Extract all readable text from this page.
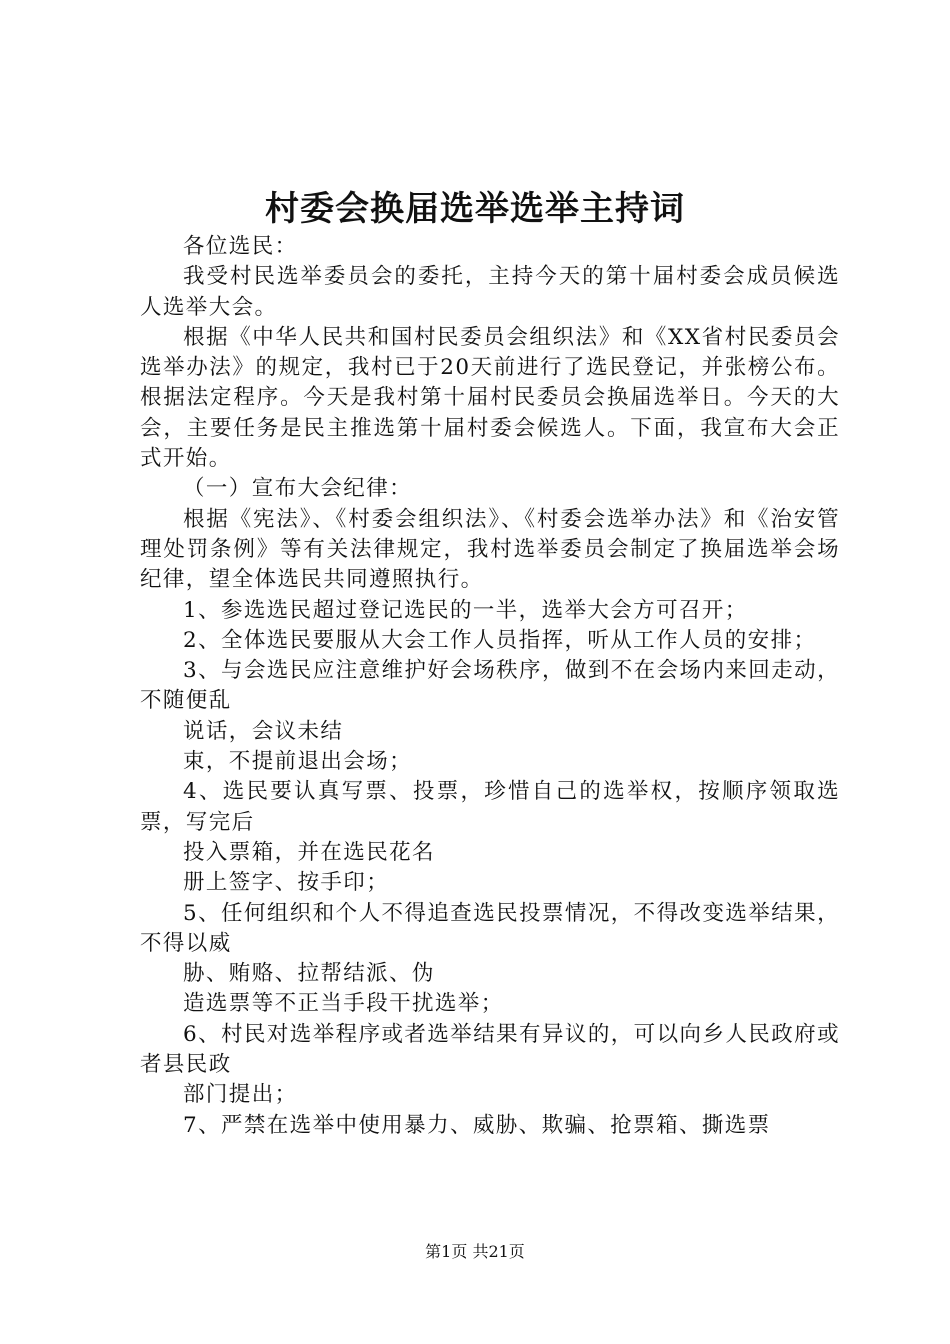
村委会换届选举选举主持词

各位选民：

我受村民选举委员会的委托，主持今天的第十届村委会成员候选人选举大会。

根据《中华人民共和国村民委员会组织法》和《XX省村民委员会选举办法》的规定，我村已于20天前进行了选民登记，并张榜公布。根据法定程序。今天是我村第十届村民委员会换届选举日。今天的大会，主要任务是民主推选第十届村委会候选人。下面，我宣布大会正式开始。

（一）宣布大会纪律：

根据《宪法》、《村委会组织法》、《村委会选举办法》和《治安管理处罚条例》等有关法律规定，我村选举委员会制定了换届选举会场纪律，望全体选民共同遵照执行。

1、参选选民超过登记选民的一半，选举大会方可召开；

2、全体选民要服从大会工作人员指挥，听从工作人员的安排；

3、与会选民应注意维护好会场秩序，做到不在会场内来回走动，不随便乱

说话，会议未结

束，不提前退出会场；

4、选民要认真写票、投票，珍惜自己的选举权，按顺序领取选票，写完后

投入票箱，并在选民花名

册上签字、按手印；

5、任何组织和个人不得追查选民投票情况，不得改变选举结果，不得以威

胁、贿赂、拉帮结派、伪

造选票等不正当手段干扰选举；

6、村民对选举程序或者选举结果有异议的，可以向乡人民政府或者县民政

部门提出；

7、严禁在选举中使用暴力、威胁、欺骗、抢票箱、撕选票

第1页 共21页
